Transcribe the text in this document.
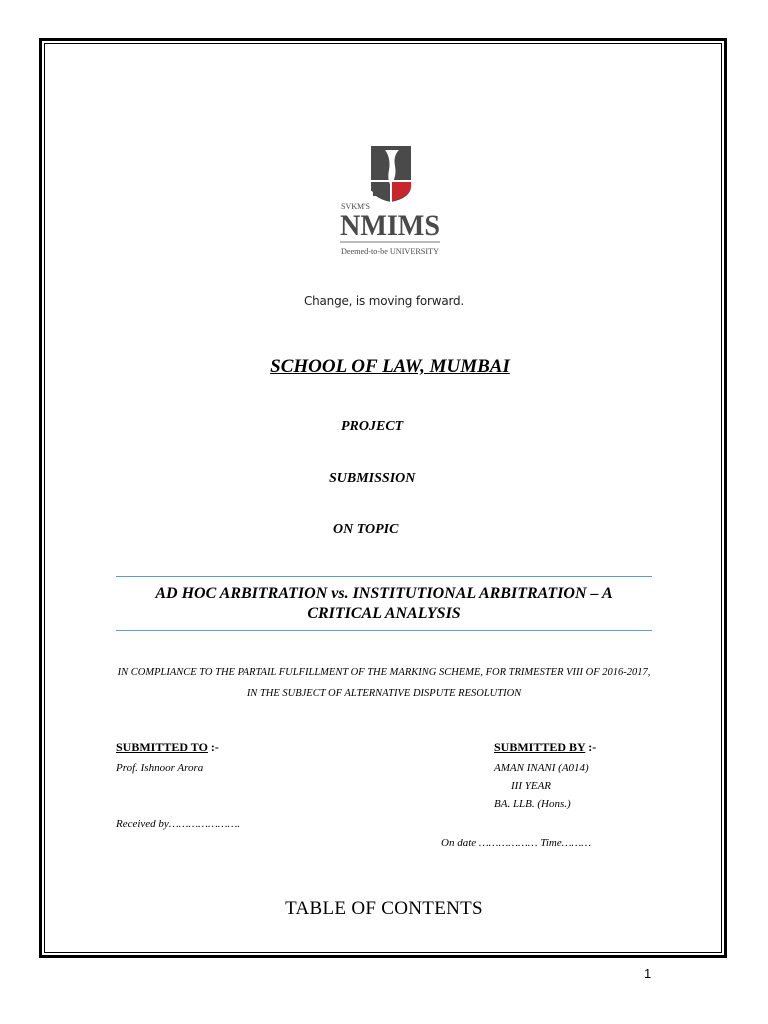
SVKM'S
NMIMS
Deemed-to-be UNIVERSITY
Change, is moving forward.
SCHOOL OF LAW, MUMBAI
PROJECT
SUBMISSION
ON TOPIC
AD HOC ARBITRATION vs. INSTITUTIONAL ARBITRATION – A CRITICAL ANALYSIS
IN COMPLIANCE TO THE PARTAIL FULFILLMENT OF THE MARKING SCHEME, FOR TRIMESTER VIII OF 2016-2017, IN THE SUBJECT OF ALTERNATIVE DISPUTE RESOLUTION
SUBMITTED TO :-	SUBMITTED BY :-
Prof. Ishnoor Arora	AMAN INANI (A014)
III YEAR
BA. LLB. (Hons.)
Received by………………….
On date ……………… Time………
TABLE OF CONTENTS
1
